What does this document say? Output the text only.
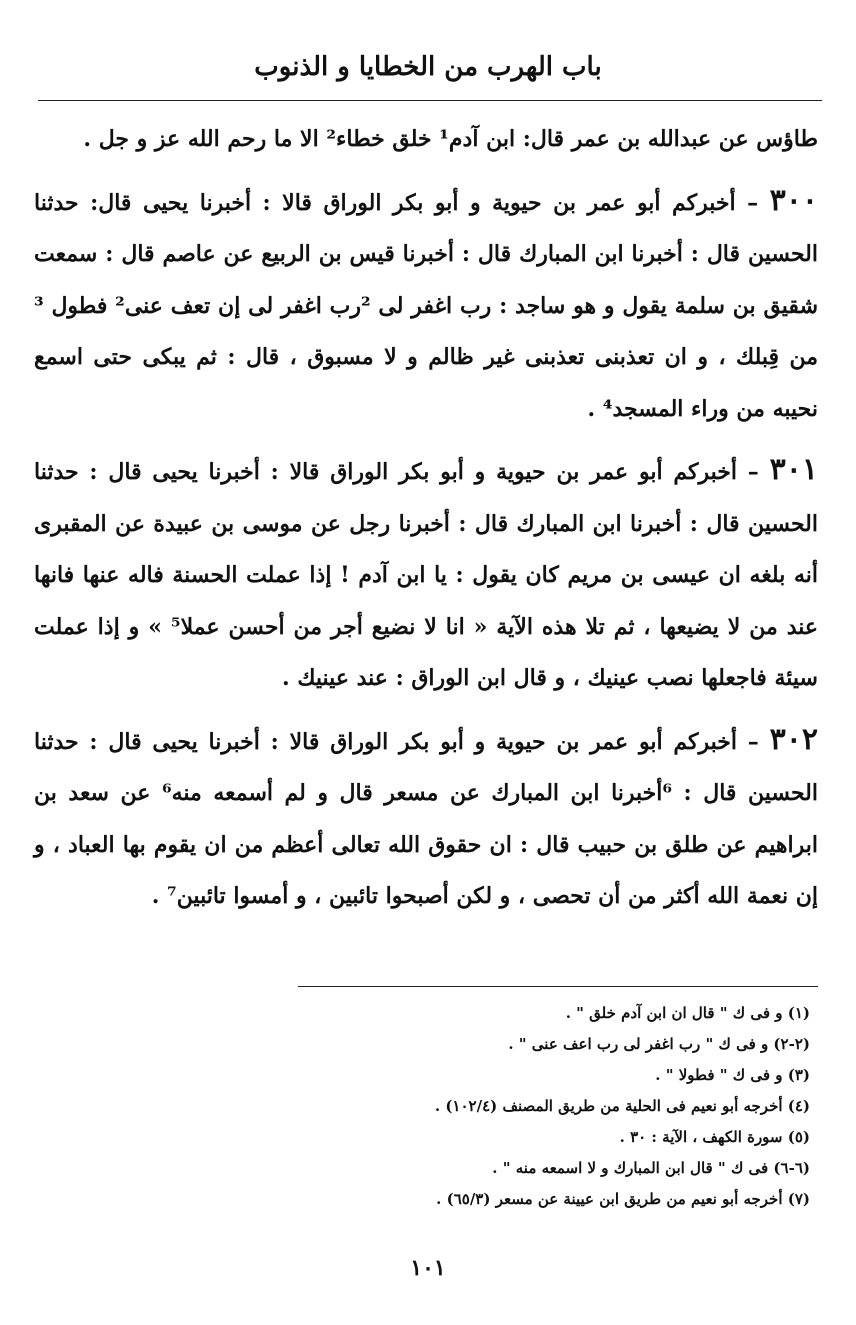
باب الهرب من الخطايا و الذنوب

طاؤس عن عبدالله بن عمر قال: ابن آدم¹ خلق خطاء² الا ما رحم الله عز و جل .

٣٠٠ – أخبركم أبو عمر بن حيوية و أبو بكر الوراق قالا : أخبرنا يحيى قال: حدثنا الحسين قال : أخبرنا ابن المبارك قال : أخبرنا قيس بن الربيع عن عاصم قال : سمعت شقيق بن سلمة يقول و هو ساجد : رب اغفر لى ²رب اغفر لى إن تعف عنى² فطول ³ من قِبلك ، و ان تعذبنى تعذبنى غير ظالم و لا مسبوق ، قال : ثم يبكى حتى اسمع نحيبه من وراء المسجد⁴ .

٣٠١ – أخبركم أبو عمر بن حيوية و أبو بكر الوراق قالا : أخبرنا يحيى قال : حدثنا الحسين قال : أخبرنا ابن المبارك قال : أخبرنا رجل عن موسى بن عبيدة عن المقبرى أنه بلغه ان عيسى بن مريم كان يقول : يا ابن آدم ! إذا عملت الحسنة فاله عنها فانها عند من لا يضيعها ، ثم تلا هذه الآية « انا لا نضيع أجر من أحسن عملا⁵ » و إذا عملت سيئة فاجعلها نصب عينيك ، و قال ابن الوراق : عند عينيك .

٣٠٢ – أخبركم أبو عمر بن حيوية و أبو بكر الوراق قالا : أخبرنا يحيى قال : حدثنا الحسين قال : ⁶أخبرنا ابن المبارك عن مسعر قال و لم أسمعه منه⁶ عن سعد بن ابراهيم عن طلق بن حبيب قال : ان حقوق الله تعالى أعظم من ان يقوم بها العباد ، و إن نعمة الله أكثر من أن تحصى ، و لكن أصبحوا تائبين ، و أمسوا تائبين⁷ .

(١) و فى ك " قال ان ابن آدم خلق " .
(٢-٢) و فى ك " رب اغفر لى رب اعف عنى " .
(٣) و فى ك " فطولا " .
(٤) أخرجه أبو نعيم فى الحلية من طريق المصنف (١٠٢/٤) .
(٥) سورة الكهف ، الآية : ٣٠ .
(٦-٦) فى ك " قال ابن المبارك و لا اسمعه منه " .
(٧) أخرجه أبو نعيم من طريق ابن عيينة عن مسعر (٦٥/٣) .
١٠١
